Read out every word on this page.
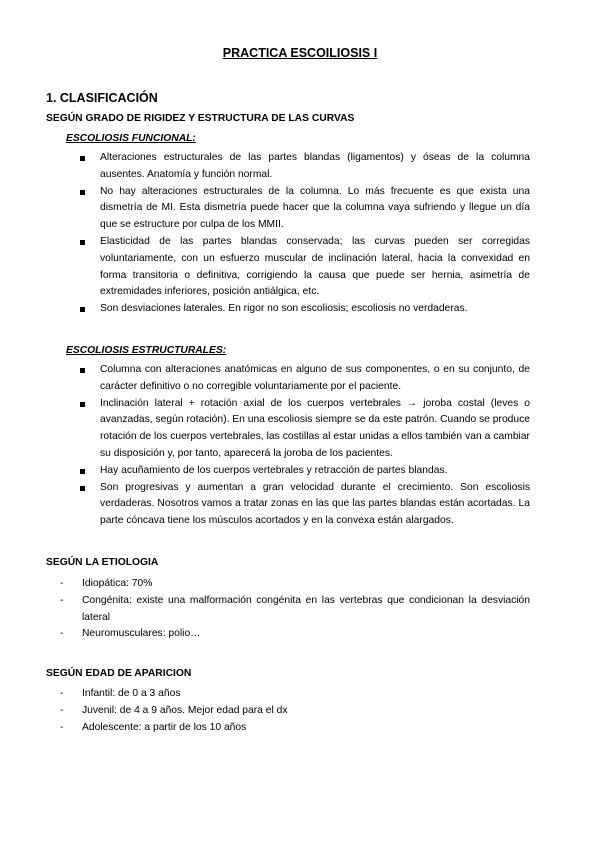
PRACTICA ESCOILIOSIS I
1. CLASIFICACIÓN
SEGÚN GRADO DE RIGIDEZ Y ESTRUCTURA DE LAS CURVAS
ESCOLIOSIS FUNCIONAL:
Alteraciones estructurales de las partes blandas (ligamentos) y óseas de la columna ausentes. Anatomía y función normal.
No hay alteraciones estructurales de la columna. Lo más frecuente es que exista una dismetría de MI. Esta dismetría puede hacer que la columna vaya sufriendo y llegue un día que se estructure por culpa de los MMII.
Elasticidad de las partes blandas conservada; las curvas pueden ser corregidas voluntariamente, con un esfuerzo muscular de inclinación lateral, hacia la convexidad en forma transitoria o definitiva, corrigiendo la causa que puede ser hernia, asimetría de extremidades inferiores, posición antiálgica, etc.
Son desviaciones laterales. En rigor no son escoliosis; escoliosis no verdaderas.
ESCOLIOSIS ESTRUCTURALES:
Columna con alteraciones anatómicas en alguno de sus componentes, o en su conjunto, de carácter definitivo o no corregible voluntariamente por el paciente.
Inclinación lateral + rotación axial de los cuerpos vertebrales → joroba costal (leves o avanzadas, según rotación). En una escoliosis siempre se da este patrón. Cuando se produce rotación de los cuerpos vertebrales, las costillas al estar unidas a ellos también van a cambiar su disposición y, por tanto, aparecerá la joroba de los pacientes.
Hay acuñamiento de los cuerpos vertebrales y retracción de partes blandas.
Son progresivas y aumentan a gran velocidad durante el crecimiento. Son escoliosis verdaderas. Nosotros vamos a tratar zonas en las que las partes blandas están acortadas. La parte cóncava tiene los músculos acortados y en la convexa están alargados.
SEGÚN LA ETIOLOGIA
- Idiopática: 70%
- Congénita: existe una malformación congénita en las vertebras que condicionan la desviación lateral
- Neuromusculares: polio…
SEGÚN EDAD DE APARICION
- Infantil: de 0 a 3 años
- Juvenil: de 4 a 9 años. Mejor edad para el dx
- Adolescente: a partir de los 10 años
